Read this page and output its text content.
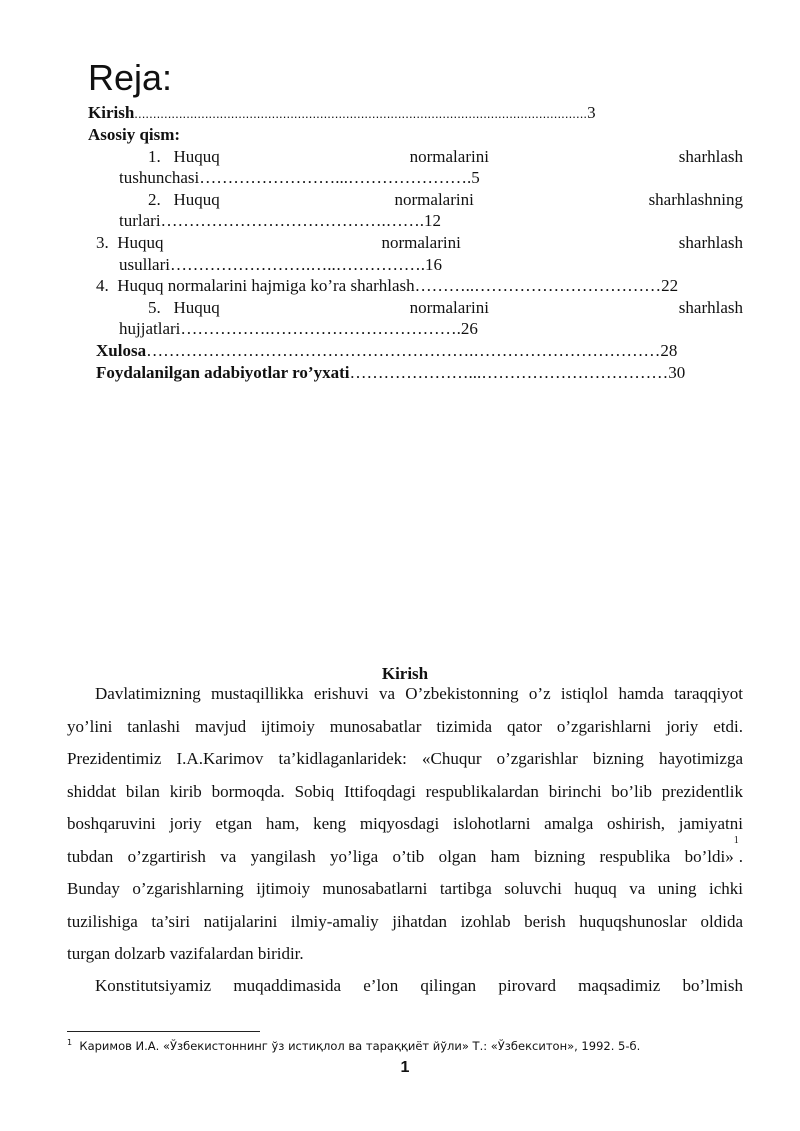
Reja:
Kirish..........................................................................................................................3
Asosiy qism:
1. Huquq	normalarini	sharhlash
tushunchasi……………………...………………….5
2. Huquq	normalarini	sharhlashning
turlari………………………………….…….12
3. Huquq	normalarini	sharhlash
usullari…………………….…..…………….16
4. Huquq normalarini hajmiga ko’ra sharhlash………..……………………………22
5. Huquq	normalarini	sharhlash
hujjatlari…………….…………………………….26
Xulosa………………………………………………….……………………………28
Foydalanilgan adabiyotlar ro’yxati…………………...……………………………30
Kirish
Davlatimizning mustaqillikka erishuvi va O’zbekistonning o’z istiqlol hamda taraqqiyot
yo’lini tanlashi mavjud ijtimoiy munosabatlar tizimida qator o’zgarishlarni joriy etdi.
Prezidentimiz I.A.Karimov ta’kidlaganlaridek: «Chuqur o’zgarishlar bizning hayotimizga
shiddat bilan kirib bormoqda. Sobiq Ittifoqdagi respublikalardan birinchi bo’lib prezidentlik
boshqaruvini joriy etgan ham, keng miqyosdagi islohotlarni amalga oshirish, jamiyatni
tubdan o’zgartirish va yangilash yo’liga o’tib olgan ham bizning respublika bo’ldi»
1
.
Bunday o’zgarishlarning ijtimoiy munosabatlarni tartibga soluvchi huquq va uning ichki
tuzilishiga ta’siri natijalarini ilmiy-amaliy jihatdan izohlab berish huquqshunoslar oldida
turgan dolzarb vazifalardan biridir.
Konstitutsiyamiz muqaddimasida e’lon qilingan pirovard maqsadimiz bo’lmish
$^1$ Каримов И.А. «Ўзбекистоннинг ўз истиқлол ва тараққиёт йўли» Т.: «Ўзбекситон», 1992. 5-б.
1
